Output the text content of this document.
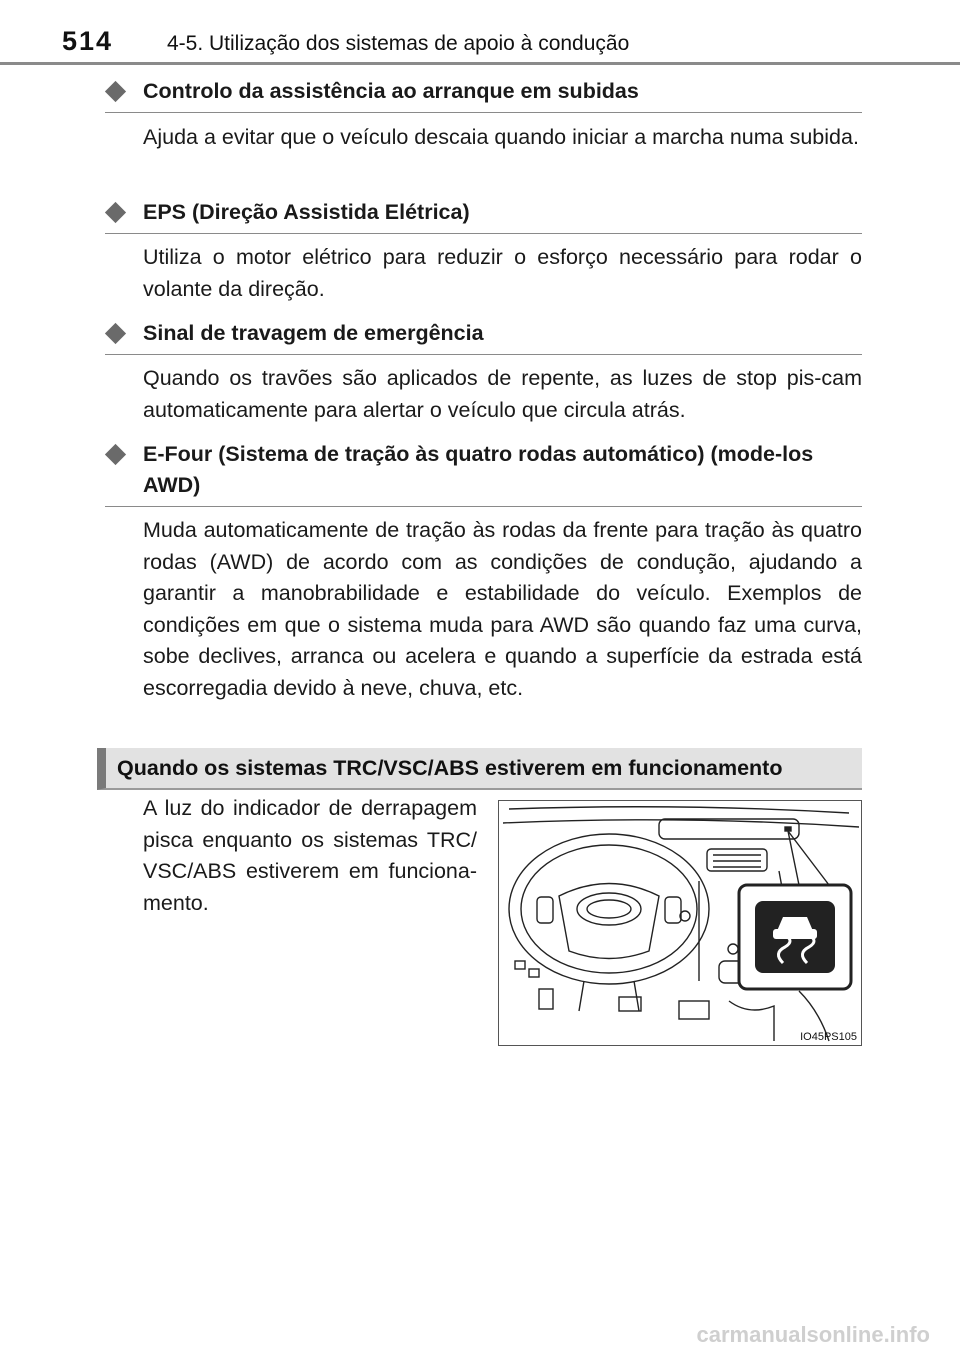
514	4-5. Utilização dos sistemas de apoio à condução
Controlo da assistência ao arranque em subidas
Ajuda a evitar que o veículo descaia quando iniciar a marcha numa subida.
EPS (Direção Assistida Elétrica)
Utiliza o motor elétrico para reduzir o esforço necessário para rodar o volante da direção.
Sinal de travagem de emergência
Quando os travões são aplicados de repente, as luzes de stop pis-cam automaticamente para alertar o veículo que circula atrás.
E-Four (Sistema de tração às quatro rodas automático) (mode-los AWD)
Muda automaticamente de tração às rodas da frente para tração às quatro rodas (AWD) de acordo com as condições de condução, ajudando a garantir a manobrabilidade e estabilidade do veículo. Exemplos de condições em que o sistema muda para AWD são quando faz uma curva, sobe declives, arranca ou acelera e quando a superfície da estrada está escorregadia devido à neve, chuva, etc.
Quando os sistemas TRC/VSC/ABS estiverem em funcionamento
A luz do indicador de derrapagem pisca enquanto os sistemas TRC/ VSC/ABS estiverem em funciona-mento.
IO45PS105
carmanualsonline.info
